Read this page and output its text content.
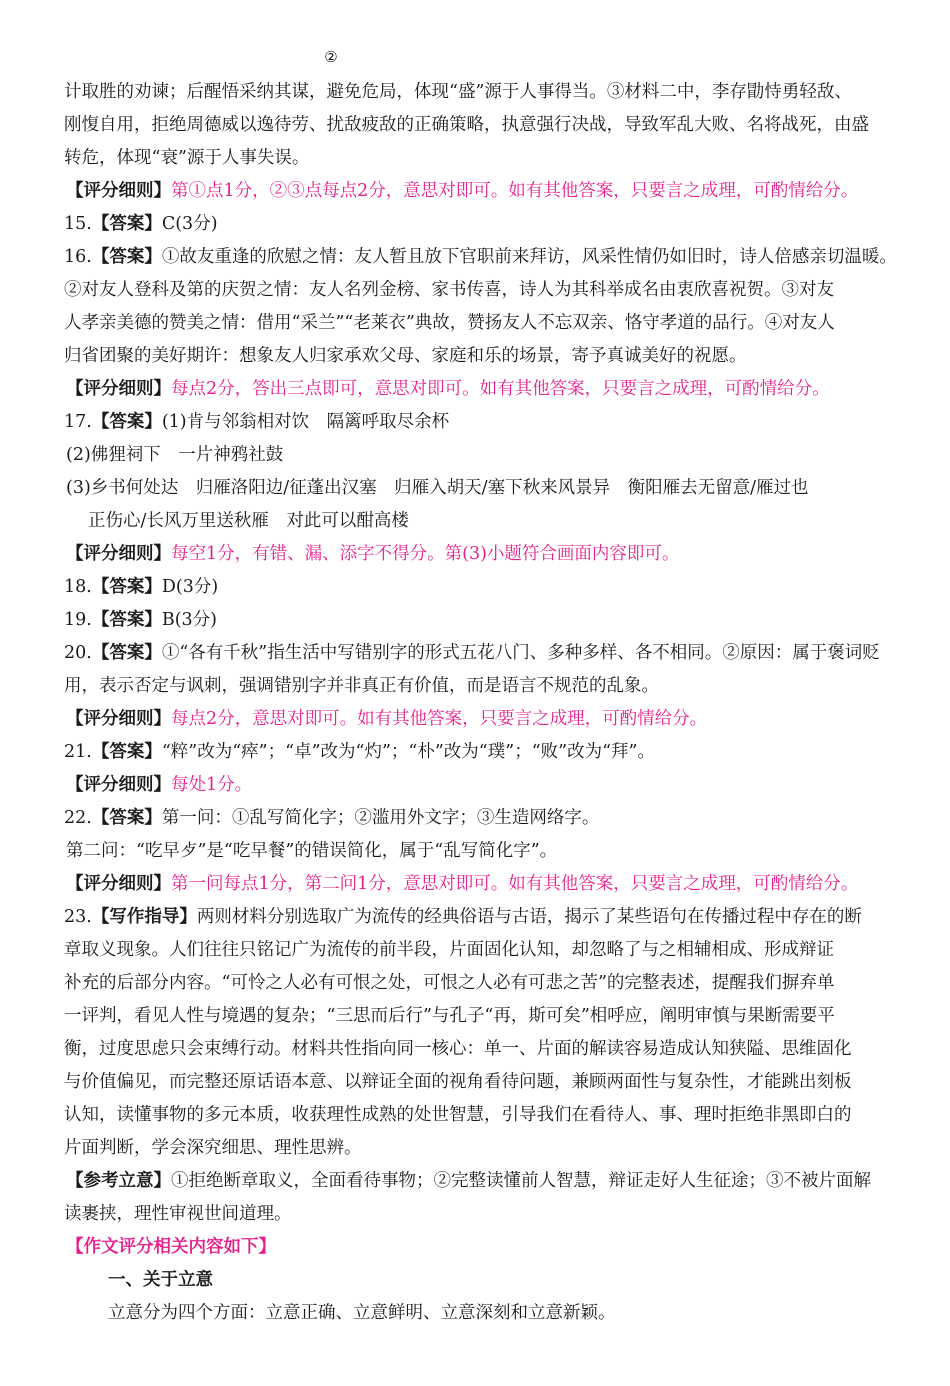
②

计取胜的劝谏；后醒悟采纳其谋，避免危局，体现“盛”源于人事得当。③材料二中，李存勖恃勇轻敌、

刚愎自用，拒绝周德威以逸待劳、扰敌疲敌的正确策略，执意强行决战，导致军乱大败、名将战死，由盛

转危，体现“衰”源于人事失误。

【评分细则】第①点1分，②③点每点2分，意思对即可。如有其他答案，只要言之成理，可酌情给分。

15.【答案】C(3分)

16.【答案】①故友重逢的欣慰之情：友人暂且放下官职前来拜访，风采性情仍如旧时，诗人倍感亲切温暖。

②对友人登科及第的庆贺之情：友人名列金榜、家书传喜，诗人为其科举成名由衷欣喜祝贺。③对友

人孝亲美德的赞美之情：借用“采兰”“老莱衣”典故，赞扬友人不忘双亲、恪守孝道的品行。④对友人

归省团聚的美好期许：想象友人归家承欢父母、家庭和乐的场景，寄予真诚美好的祝愿。

【评分细则】每点2分，答出三点即可，意思对即可。如有其他答案，只要言之成理，可酌情给分。

17.【答案】(1)肯与邻翁相对饮　隔篱呼取尽余杯

(2)佛狸祠下　一片神鸦社鼓

(3)乡书何处达　归雁洛阳边/征蓬出汉塞　归雁入胡天/塞下秋来风景异　衡阳雁去无留意/雁过也

正伤心/长风万里送秋雁　对此可以酣高楼

【评分细则】每空1分，有错、漏、添字不得分。第(3)小题符合画面内容即可。

18.【答案】D(3分)

19.【答案】B(3分)

20.【答案】①“各有千秋”指生活中写错别字的形式五花八门、多种多样、各不相同。②原因：属于褒词贬

用，表示否定与讽刺，强调错别字并非真正有价值，而是语言不规范的乱象。

【评分细则】每点2分，意思对即可。如有其他答案，只要言之成理，可酌情给分。

21.【答案】“粹”改为“瘁”；“卓”改为“灼”；“朴”改为“璞”；“败”改为“拜”。

【评分细则】每处1分。

22.【答案】第一问：①乱写简化字；②滥用外文字；③生造网络字。

第二问：“吃早歺”是“吃早餐”的错误简化，属于“乱写简化字”。

【评分细则】第一问每点1分，第二问1分，意思对即可。如有其他答案，只要言之成理，可酌情给分。

23.【写作指导】两则材料分别选取广为流传的经典俗语与古语，揭示了某些语句在传播过程中存在的断

章取义现象。人们往往只铭记广为流传的前半段，片面固化认知，却忽略了与之相辅相成、形成辩证

补充的后部分内容。“可怜之人必有可恨之处，可恨之人必有可悲之苦”的完整表述，提醒我们摒弃单

一评判，看见人性与境遇的复杂；“三思而后行”与孔子“再，斯可矣”相呼应，阐明审慎与果断需要平

衡，过度思虑只会束缚行动。材料共性指向同一核心：单一、片面的解读容易造成认知狭隘、思维固化

与价值偏见，而完整还原话语本意、以辩证全面的视角看待问题，兼顾两面性与复杂性，才能跳出刻板

认知，读懂事物的多元本质，收获理性成熟的处世智慧，引导我们在看待人、事、理时拒绝非黑即白的

片面判断，学会深究细思、理性思辨。

【参考立意】①拒绝断章取义，全面看待事物；②完整读懂前人智慧，辩证走好人生征途；③不被片面解

读裹挟，理性审视世间道理。

【作文评分相关内容如下】

一、关于立意

立意分为四个方面：立意正确、立意鲜明、立意深刻和立意新颖。
